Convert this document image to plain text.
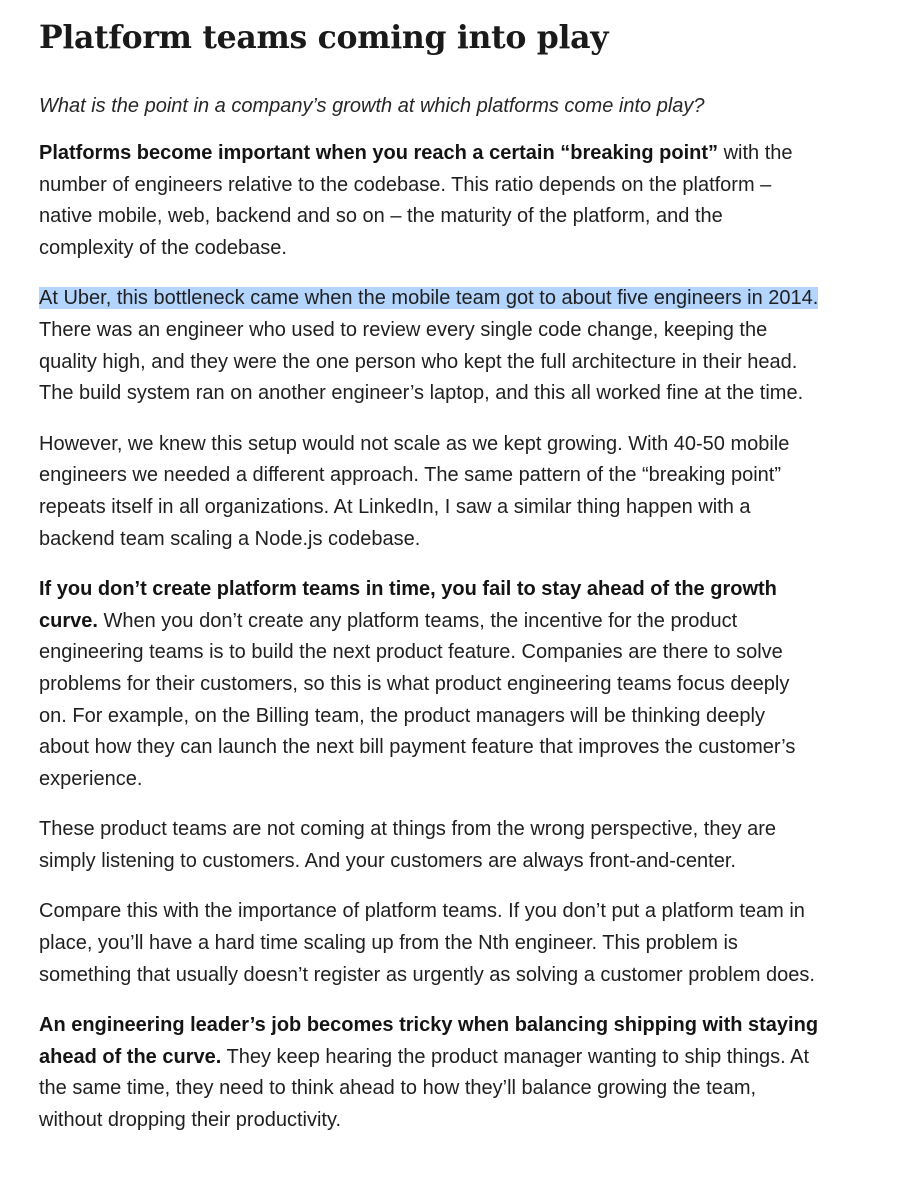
Platform teams coming into play

What is the point in a company’s growth at which platforms come into play?

Platforms become important when you reach a certain “breaking point” with the number of engineers relative to the codebase. This ratio depends on the platform – native mobile, web, backend and so on – the maturity of the platform, and the complexity of the codebase.

At Uber, this bottleneck came when the mobile team got to about five engineers in 2014. There was an engineer who used to review every single code change, keeping the quality high, and they were the one person who kept the full architecture in their head. The build system ran on another engineer’s laptop, and this all worked fine at the time.

However, we knew this setup would not scale as we kept growing. With 40-50 mobile engineers we needed a different approach. The same pattern of the “breaking point” repeats itself in all organizations. At LinkedIn, I saw a similar thing happen with a backend team scaling a Node.js codebase.

If you don’t create platform teams in time, you fail to stay ahead of the growth curve. When you don’t create any platform teams, the incentive for the product engineering teams is to build the next product feature. Companies are there to solve problems for their customers, so this is what product engineering teams focus deeply on. For example, on the Billing team, the product managers will be thinking deeply about how they can launch the next bill payment feature that improves the customer’s experience.

These product teams are not coming at things from the wrong perspective, they are simply listening to customers. And your customers are always front-and-center.

Compare this with the importance of platform teams. If you don’t put a platform team in place, you’ll have a hard time scaling up from the Nth engineer. This problem is something that usually doesn’t register as urgently as solving a customer problem does.

An engineering leader’s job becomes tricky when balancing shipping with staying ahead of the curve. They keep hearing the product manager wanting to ship things. At the same time, they need to think ahead to how they’ll balance growing the team, without dropping their productivity.
